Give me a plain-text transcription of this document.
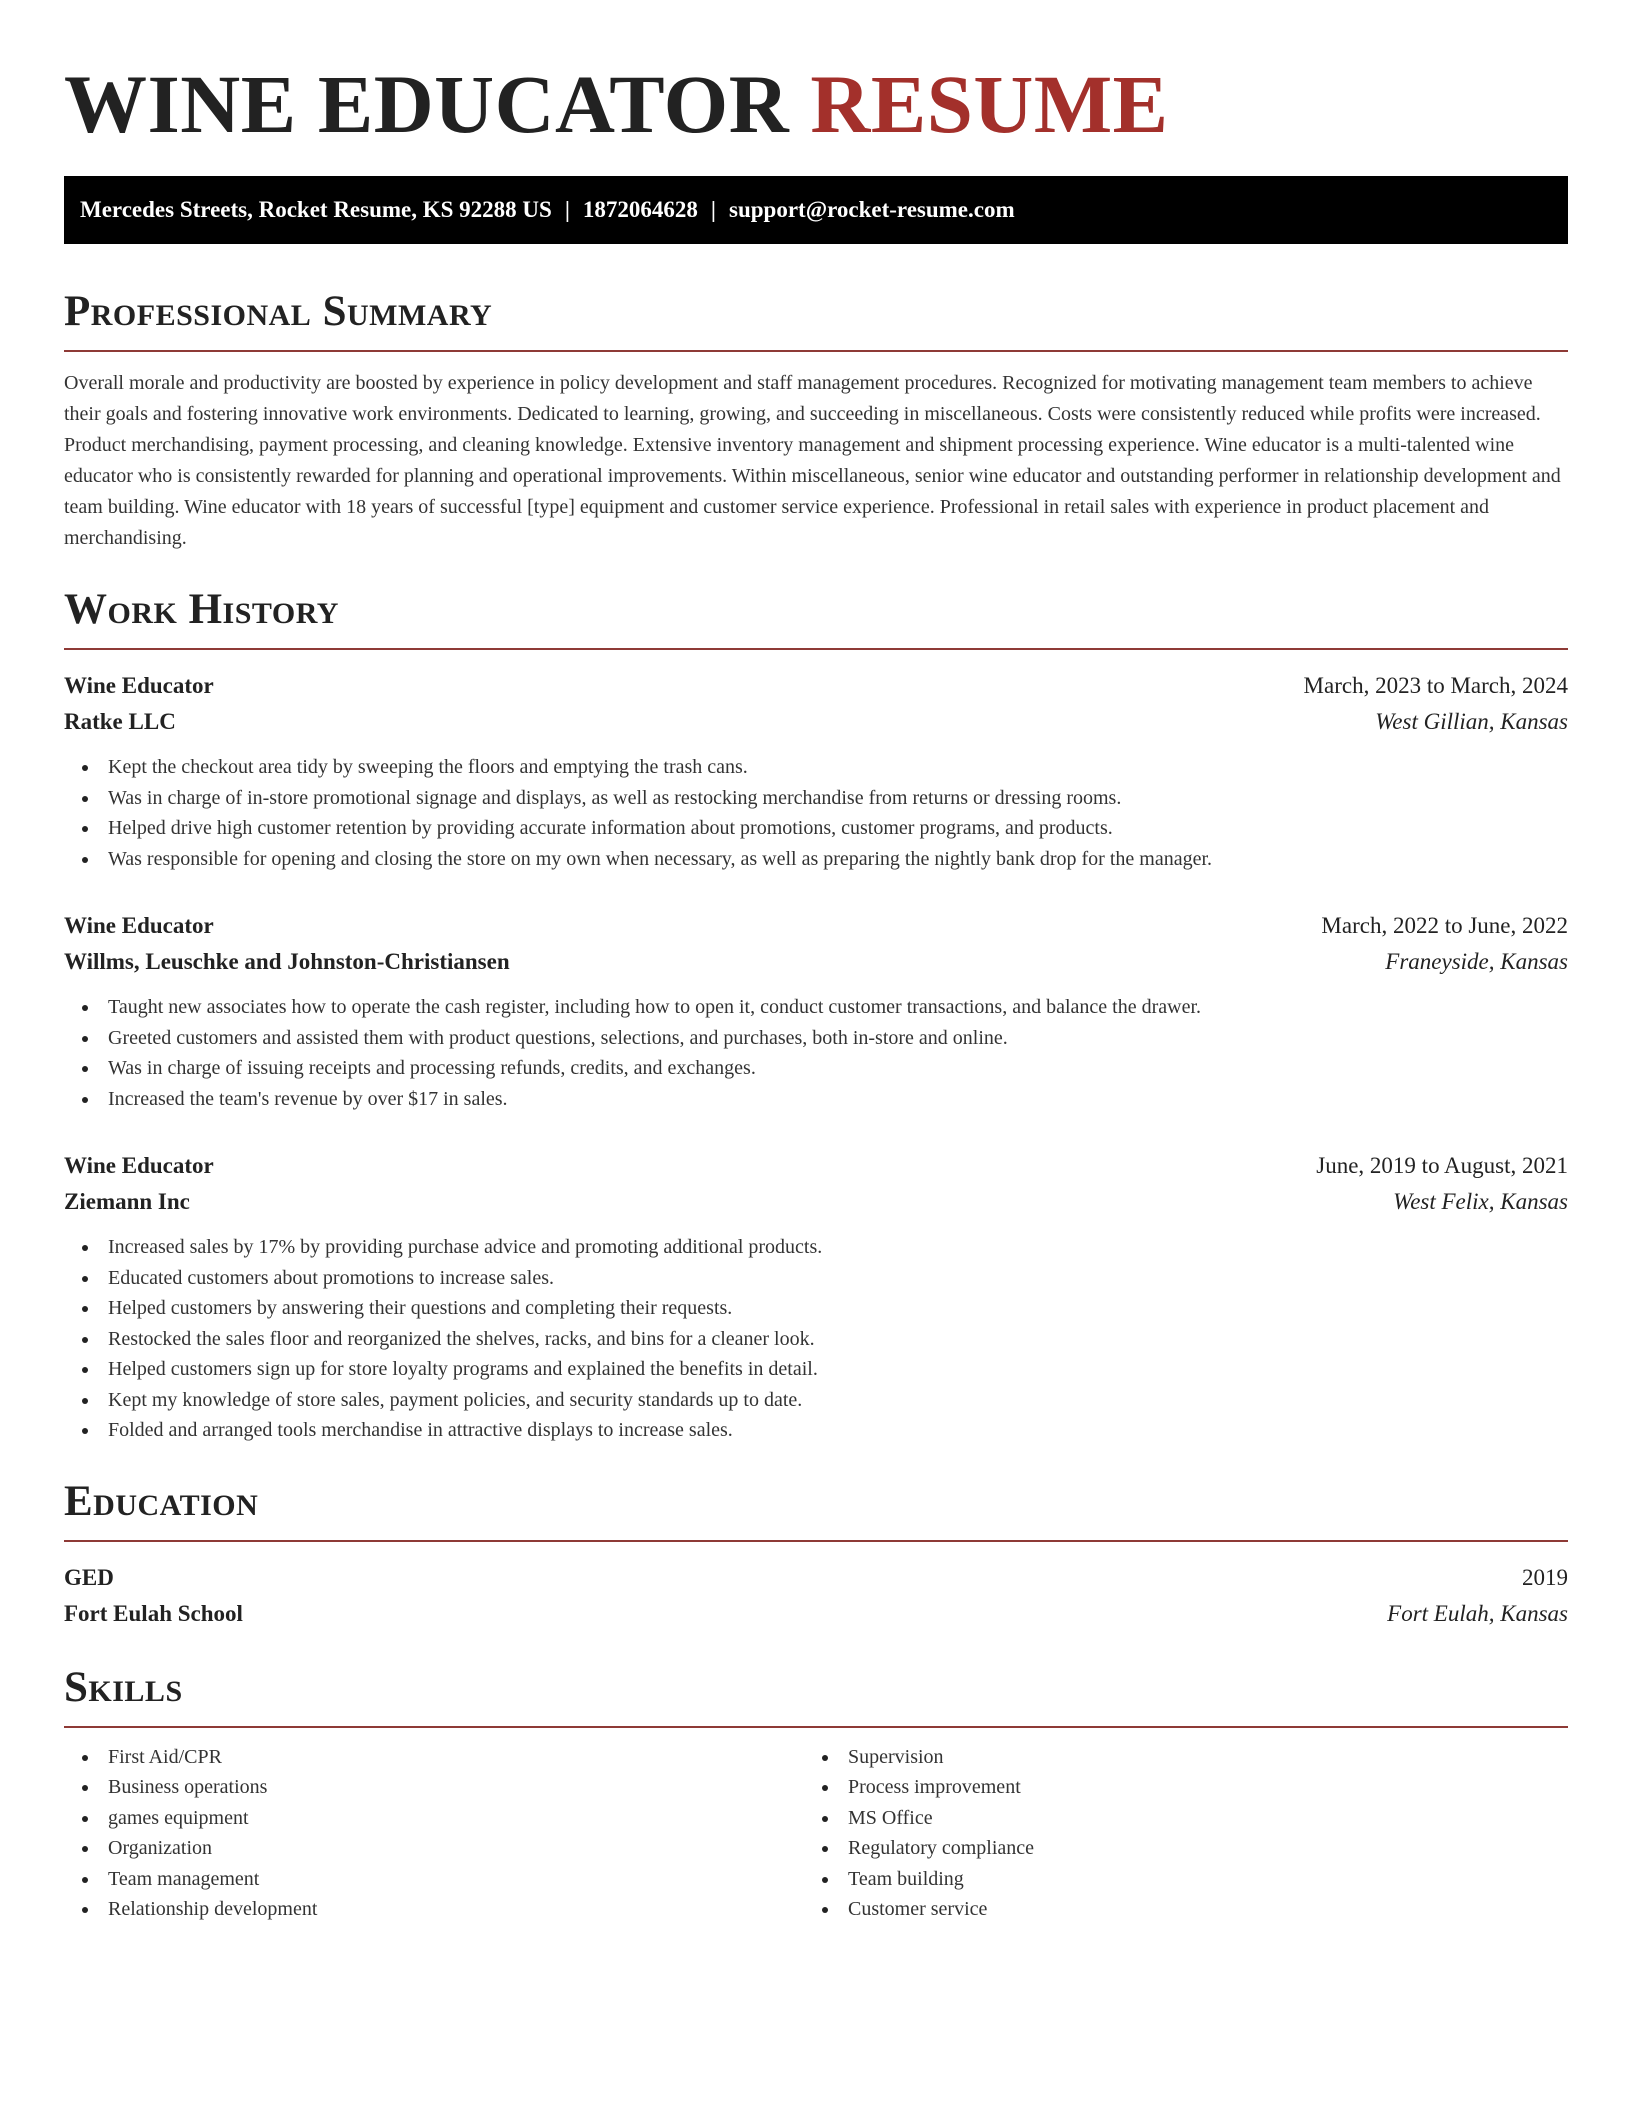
WINE EDUCATOR RESUME
Mercedes Streets, Rocket Resume, KS 92288 US | 1872064628 | support@rocket-resume.com
Professional Summary

Overall morale and productivity are boosted by experience in policy development and staff management procedures. Recognized for motivating management team members to achieve their goals and fostering innovative work environments. Dedicated to learning, growing, and succeeding in miscellaneous. Costs were consistently reduced while profits were increased. Product merchandising, payment processing, and cleaning knowledge. Extensive inventory management and shipment processing experience. Wine educator is a multi-talented wine educator who is consistently rewarded for planning and operational improvements. Within miscellaneous, senior wine educator and outstanding performer in relationship development and team building. Wine educator with 18 years of successful [type] equipment and customer service experience. Professional in retail sales with experience in product placement and merchandising.

Work History
Wine Educator	March, 2023 to March, 2024
Ratke LLC	West Gillian, Kansas
Kept the checkout area tidy by sweeping the floors and emptying the trash cans.
Was in charge of in-store promotional signage and displays, as well as restocking merchandise from returns or dressing rooms.
Helped drive high customer retention by providing accurate information about promotions, customer programs, and products.
Was responsible for opening and closing the store on my own when necessary, as well as preparing the nightly bank drop for the manager.
Wine Educator	March, 2022 to June, 2022
Willms, Leuschke and Johnston-Christiansen	Franeyside, Kansas
Taught new associates how to operate the cash register, including how to open it, conduct customer transactions, and balance the drawer.
Greeted customers and assisted them with product questions, selections, and purchases, both in-store and online.
Was in charge of issuing receipts and processing refunds, credits, and exchanges.
Increased the team's revenue by over $17 in sales.
Wine Educator	June, 2019 to August, 2021
Ziemann Inc	West Felix, Kansas
Increased sales by 17% by providing purchase advice and promoting additional products.
Educated customers about promotions to increase sales.
Helped customers by answering their questions and completing their requests.
Restocked the sales floor and reorganized the shelves, racks, and bins for a cleaner look.
Helped customers sign up for store loyalty programs and explained the benefits in detail.
Kept my knowledge of store sales, payment policies, and security standards up to date.
Folded and arranged tools merchandise in attractive displays to increase sales.
Education
GED	2019
Fort Eulah School	Fort Eulah, Kansas
Skills
First Aid/CPR
Business operations
games equipment
Organization
Team management
Relationship development
Supervision
Process improvement
MS Office
Regulatory compliance
Team building
Customer service
